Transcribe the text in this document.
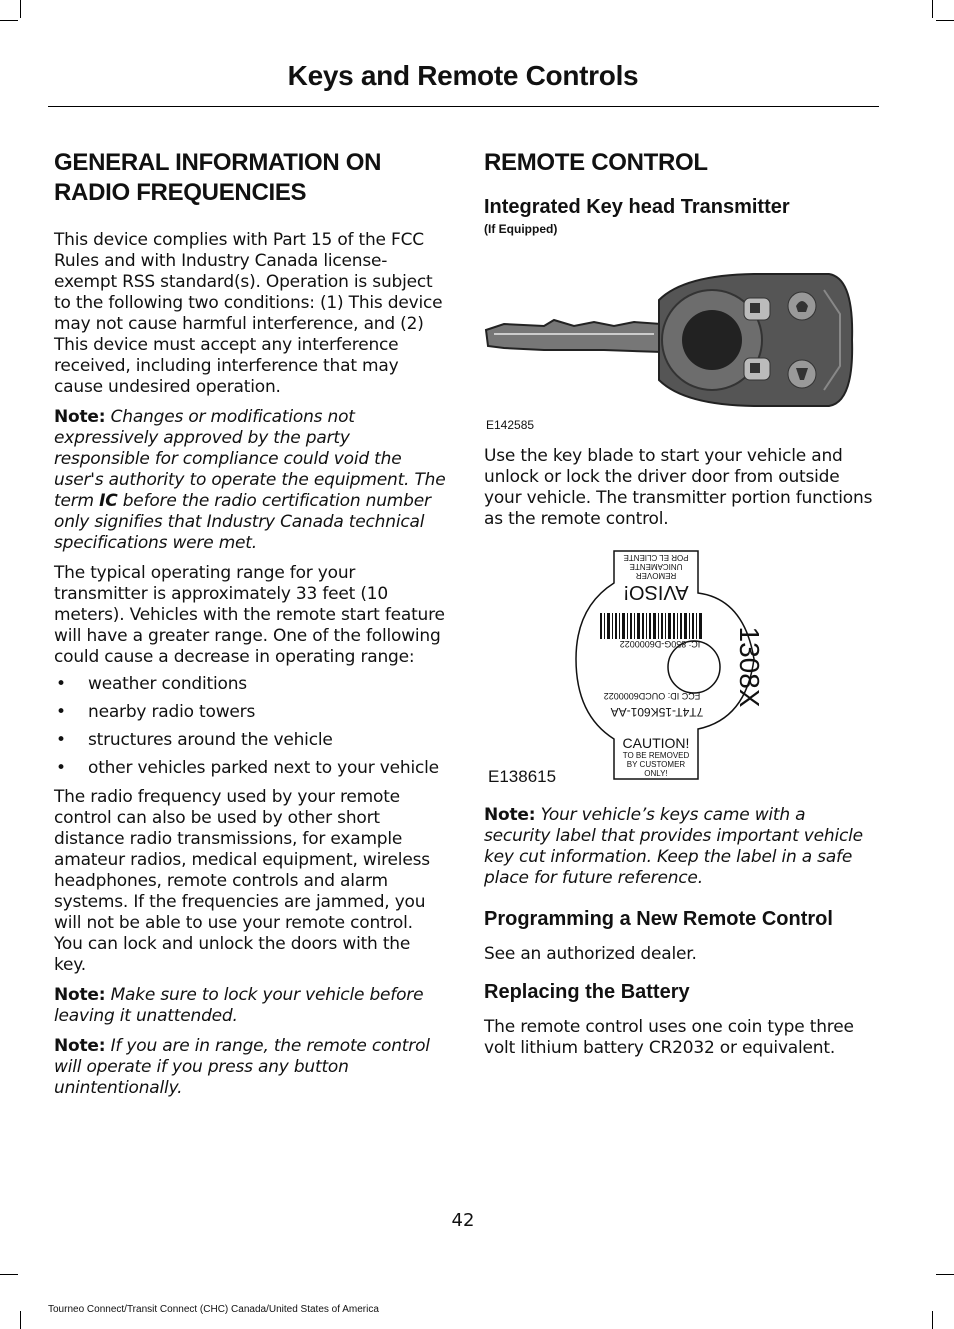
Keys and Remote Controls
GENERAL INFORMATION ON RADIO FREQUENCIES

This device complies with Part 15 of the FCC Rules and with Industry Canada license-exempt RSS standard(s). Operation is subject to the following two conditions: (1) This device may not cause harmful interference, and (2) This device must accept any interference received, including interference that may cause undesired operation.

Note: Changes or modifications not expressively approved by the party responsible for compliance could void the user's authority to operate the equipment. The term IC before the radio certification number only signifies that Industry Canada technical specifications were met.

The typical operating range for your transmitter is approximately 33 feet (10 meters). Vehicles with the remote start feature will have a greater range. One of the following could cause a decrease in operating range:

• weather conditions
• nearby radio towers
• structures around the vehicle
• other vehicles parked next to your vehicle

The radio frequency used by your remote control can also be used by other short distance radio transmissions, for example amateur radios, medical equipment, wireless headphones, remote controls and alarm systems. If the frequencies are jammed, you will not be able to use your remote control. You can lock and unlock the doors with the key.

Note: Make sure to lock your vehicle before leaving it unattended.

Note: If you are in range, the remote control will operate if you press any button unintentionally.

REMOTE CONTROL
Integrated Key head Transmitter
(If Equipped)
E142585

Use the key blade to start your vehicle and unlock or lock the driver door from outside your vehicle. The transmitter portion functions as the remote control.

AVISO!
REMOVER UNICAMENTE
POR EL CLIENTE
IC: 850G-D6000022
FCC ID: OUCD6000022
7T4T-15K601-AA
1308X
CAUTION!
TO BE REMOVED
BY CUSTOMER ONLY!
E138615

Note: Your vehicle’s keys came with a security label that provides important vehicle key cut information. Keep the label in a safe place for future reference.

Programming a New Remote Control

See an authorized dealer.

Replacing the Battery

The remote control uses one coin type three volt lithium battery CR2032 or equivalent.

42
Tourneo Connect/Transit Connect (CHC) Canada/United States of America
